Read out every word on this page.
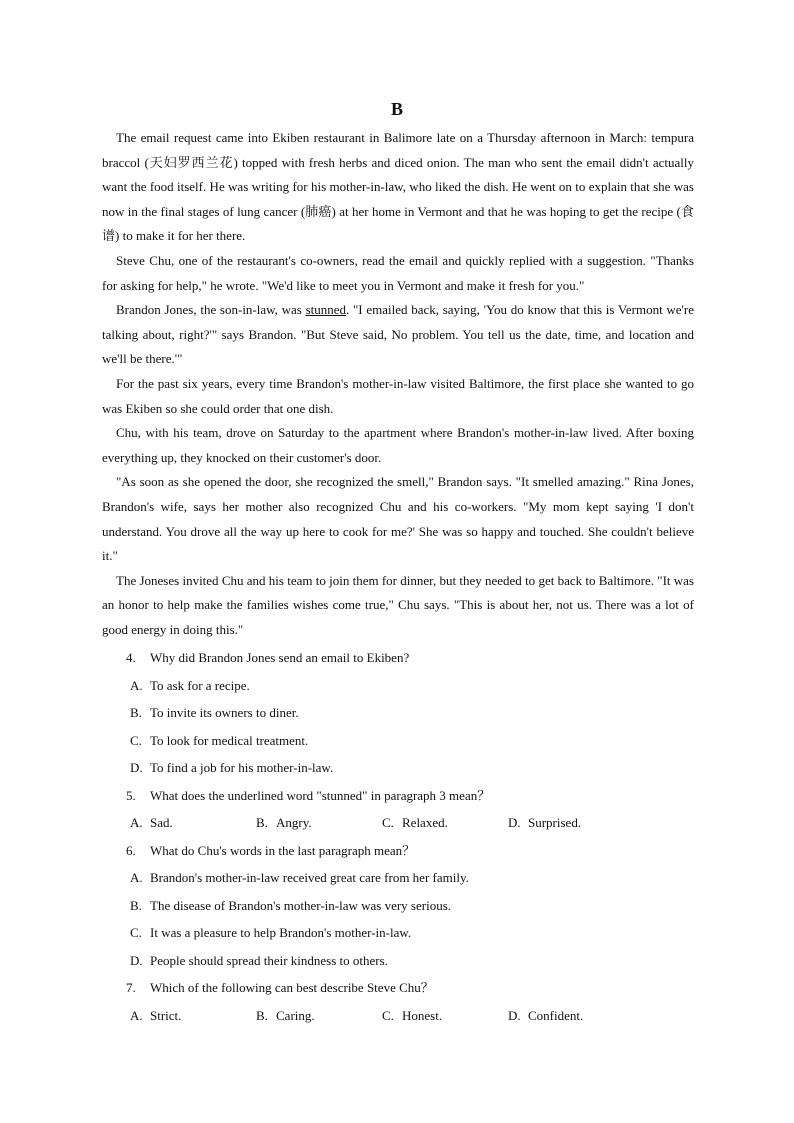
B

The email request came into Ekiben restaurant in Balimore late on a Thursday afternoon in March: tempura braccol (天妇罗西兰花) topped with fresh herbs and diced onion. The man who sent the email didn't actually want the food itself. He was writing for his mother-in-law, who liked the dish. He went on to explain that she was now in the final stages of lung cancer (肺癌) at her home in Vermont and that he was hoping to get the recipe (食谱) to make it for her there.

Steve Chu, one of the restaurant's co-owners, read the email and quickly replied with a suggestion. "Thanks for asking for help," he wrote. "We'd like to meet you in Vermont and make it fresh for you."

Brandon Jones, the son-in-law, was stunned. "I emailed back, saying, 'You do know that this is Vermont we're talking about, right?'" says Brandon. "But Steve said, No problem. You tell us the date, time, and location and we'll be there.'"

For the past six years, every time Brandon's mother-in-law visited Baltimore, the first place she wanted to go was Ekiben so she could order that one dish.

Chu, with his team, drove on Saturday to the apartment where Brandon's mother-in-law lived. After boxing everything up, they knocked on their customer's door.

"As soon as she opened the door, she recognized the smell," Brandon says. "It smelled amazing." Rina Jones, Brandon's wife, says her mother also recognized Chu and his co-workers. "My mom kept saying 'I don't understand. You drove all the way up here to cook for me?' She was so happy and touched. She couldn't believe it."

The Joneses invited Chu and his team to join them for dinner, but they needed to get back to Baltimore. "It was an honor to help make the families wishes come true," Chu says. "This is about her, not us. There was a lot of good energy in doing this."

4. Why did Brandon Jones send an email to Ekiben?

A. To ask for a recipe.

B. To invite its owners to diner.

C. To look for medical treatment.

D. To find a job for his mother-in-law.

5. What does the underlined word "stunned" in paragraph 3 mean？

A. Sad.	B. Angry.	C. Relaxed.	D. Surprised.

6. What do Chu's words in the last paragraph mean？

A. Brandon's mother-in-law received great care from her family.

B. The disease of Brandon's mother-in-law was very serious.

C. It was a pleasure to help Brandon's mother-in-law.

D. People should spread their kindness to others.

7. Which of the following can best describe Steve Chu？

A. Strict.	B. Caring.	C. Honest.	D. Confident.
